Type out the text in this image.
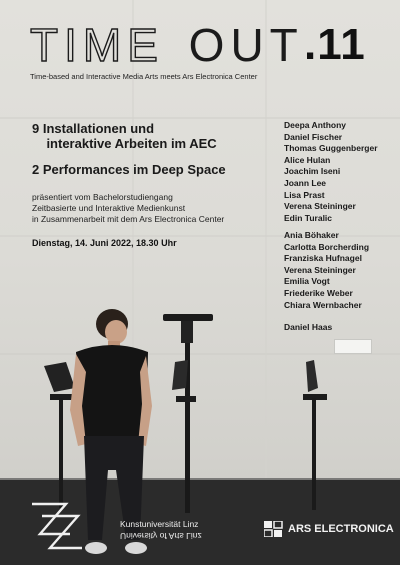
TIME OUT .11
Time-based and Interactive Media Arts meets Ars Electronica Center
9 Installationen und
interaktive Arbeiten im AEC
2 Performances im Deep Space
präsentiert vom Bachelorstudiengang
Zeitbasierte und Interaktive Medienkunst
in Zusammenarbeit mit dem Ars Electronica Center
Dienstag, 14. Juni 2022, 18.30 Uhr
Deepa Anthony
Daniel Fischer
Thomas Guggenberger
Alice Hulan
Joachim Iseni
Joann Lee
Lisa Prast
Verena Steininger
Edin Turalic
Ania Böhaker
Carlotta Borcherding
Franziska Hufnagel
Verena Steininger
Emilia Vogt
Friederike Weber
Chiara Wernbacher
Daniel Haas
Kunstuniversität Linz
University of Arts Linz
ARS ELECTRONICA
